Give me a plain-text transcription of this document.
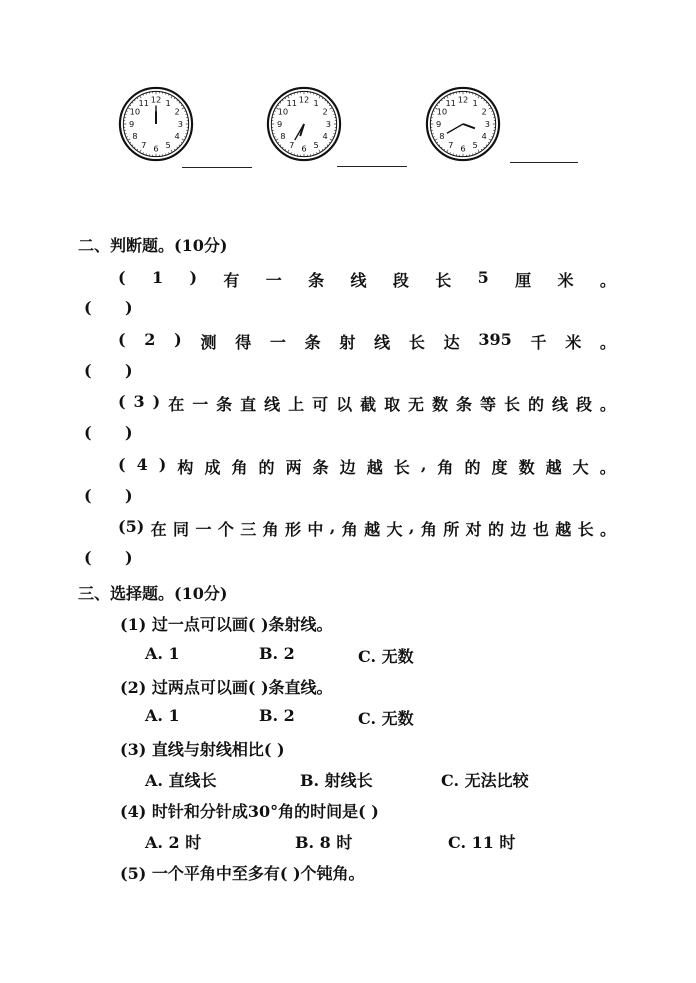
12 1
2
3
4
5
6
7
8
9
10
11	12 1
2
3
4
5
6
7
8
9
10
11	12 1
2
3
4
5
6
7
8
9
10
11
二、判断题。(10分)
( 1 ) 有 一 条 线 段 长 5 厘 米 。
(      )
( 2 ) 测 得 一 条 射 线 长 达 395 千 米 。
(      )
( 3 ) 在 一 条 直 线 上 可 以 截 取 无 数 条 等 长 的 线 段 。
(      )
( 4 ) 构 成 角 的 两 条 边 越 长 , 角 的 度 数 越 大 。
(      )
(5) 在 同 一 个 三 角 形 中 , 角 越 大 , 角 所 对 的 边 也 越 长 。
(      )
三、选择题。(10分)
(1) 过一点可以画( )条射线。
A. 1	B. 2	C. 无数
(2) 过两点可以画( )条直线。
A. 1	B. 2	C. 无数
(3) 直线与射线相比( )
A. 直线长	B. 射线长	C. 无法比较
(4) 时针和分针成30°角的时间是( )
A. 2 时	B. 8 时	C. 11 时
(5) 一个平角中至多有( )个钝角。
